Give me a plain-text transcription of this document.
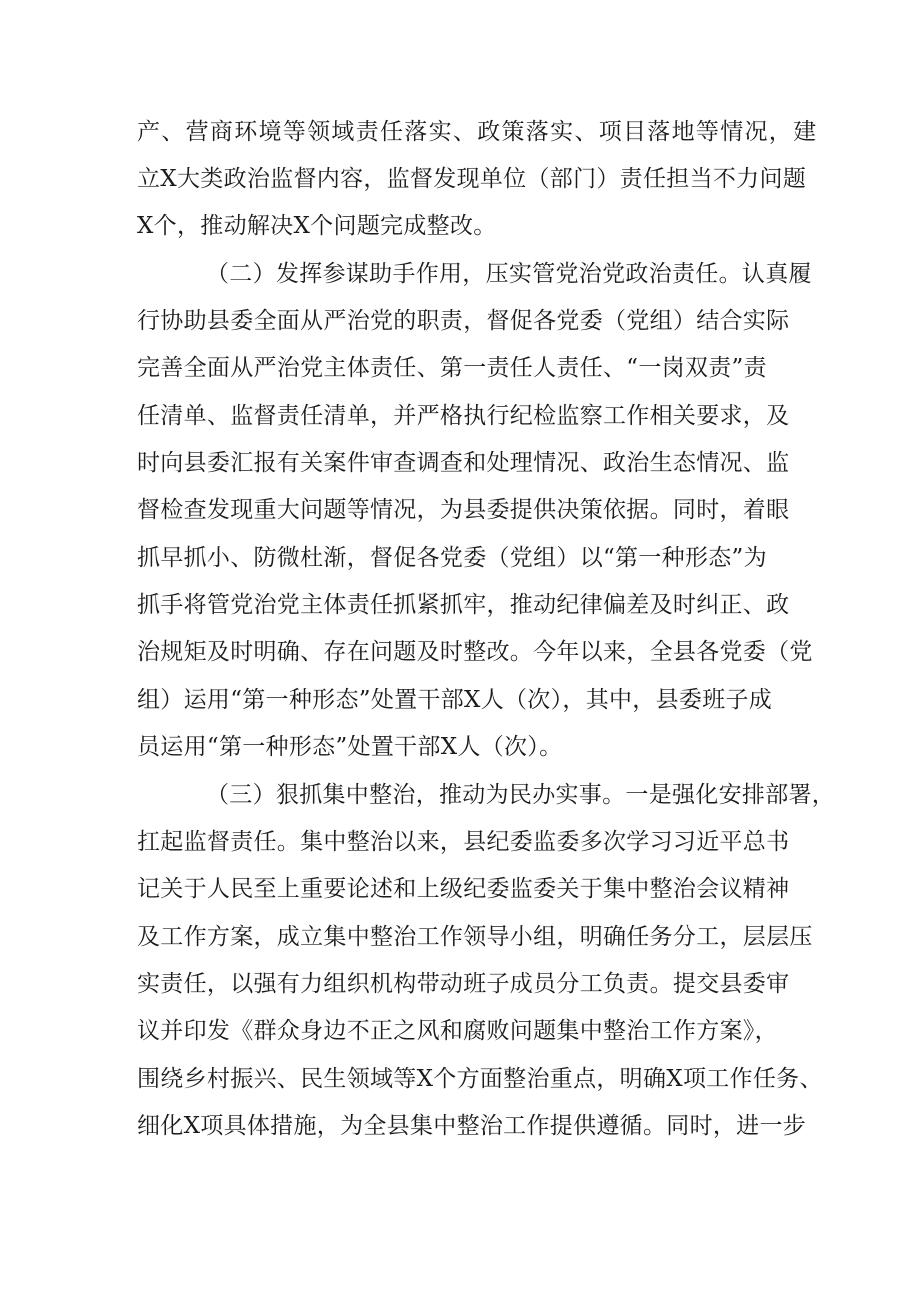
产、营商环境等领域责任落实、政策落实、项目落地等情况，建
立X大类政治监督内容，监督发现单位（部门）责任担当不力问题
X个，推动解决X个问题完成整改。
（二）发挥参谋助手作用，压实管党治党政治责任。认真履
行协助县委全面从严治党的职责，督促各党委（党组）结合实际
完善全面从严治党主体责任、第一责任人责任、“一岗双责”责
任清单、监督责任清单，并严格执行纪检监察工作相关要求，及
时向县委汇报有关案件审查调查和处理情况、政治生态情况、监
督检查发现重大问题等情况，为县委提供决策依据。同时，着眼
抓早抓小、防微杜渐，督促各党委（党组）以“第一种形态”为
抓手将管党治党主体责任抓紧抓牢，推动纪律偏差及时纠正、政
治规矩及时明确、存在问题及时整改。今年以来，全县各党委（党
组）运用“第一种形态”处置干部X人（次），其中，县委班子成
员运用“第一种形态”处置干部X人（次）。
（三）狠抓集中整治，推动为民办实事。一是强化安排部署，
扛起监督责任。集中整治以来，县纪委监委多次学习习近平总书
记关于人民至上重要论述和上级纪委监委关于集中整治会议精神
及工作方案，成立集中整治工作领导小组，明确任务分工，层层压
实责任，以强有力组织机构带动班子成员分工负责。提交县委审
议并印发《群众身边不正之风和腐败问题集中整治工作方案》，
围绕乡村振兴、民生领域等X个方面整治重点，明确X项工作任务、
细化X项具体措施，为全县集中整治工作提供遵循。同时，进一步
